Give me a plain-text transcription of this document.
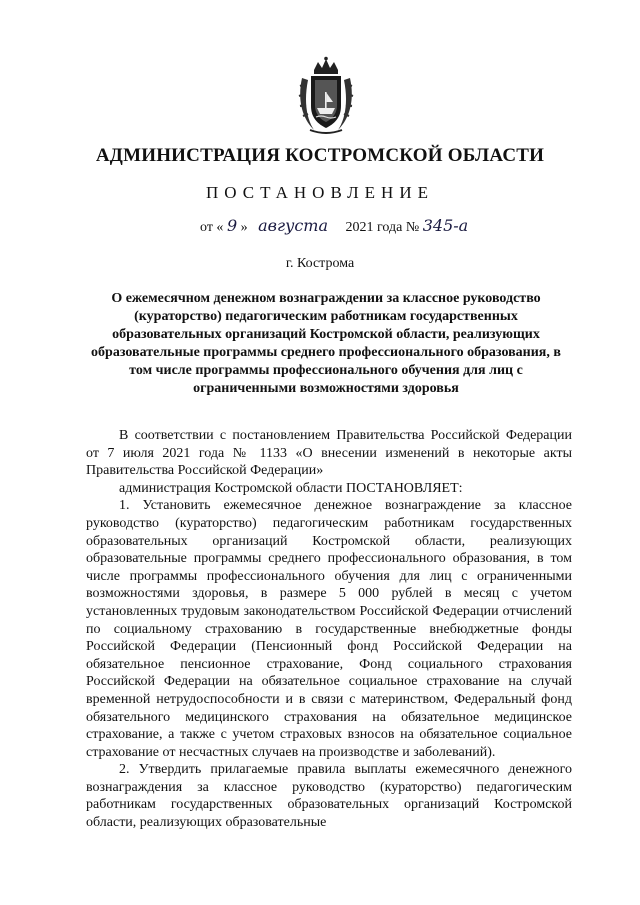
АДМИНИСТРАЦИЯ КОСТРОМСКОЙ ОБЛАСТИ
ПОСТАНОВЛЕНИЕ
от « 9 » августа 2021 года № 345-а
г. Кострома
О ежемесячном денежном вознаграждении за классное руководство (кураторство) педагогическим работникам государственных образовательных организаций Костромской области, реализующих образовательные программы среднего профессионального образования, в том числе программы профессионального обучения для лиц с ограниченными возможностями здоровья

В соответствии с постановлением Правительства Российской Федерации от 7 июля 2021 года № 1133 «О внесении изменений в некоторые акты Правительства Российской Федерации»

администрация Костромской области ПОСТАНОВЛЯЕТ:

1. Установить ежемесячное денежное вознаграждение за классное руководство (кураторство) педагогическим работникам государственных образовательных организаций Костромской области, реализующих образовательные программы среднего профессионального образования, в том числе программы профессионального обучения для лиц с ограниченными возможностями здоровья, в размере 5 000 рублей в месяц с учетом установленных трудовым законодательством Российской Федерации отчислений по социальному страхованию в государственные внебюджетные фонды Российской Федерации (Пенсионный фонд Российской Федерации на обязательное пенсионное страхование, Фонд социального страхования Российской Федерации на обязательное социальное страхование на случай временной нетрудоспособности и в связи с материнством, Федеральный фонд обязательного медицинского страхования на обязательное медицинское страхование, а также с учетом страховых взносов на обязательное социальное страхование от несчастных случаев на производстве и заболеваний).

2. Утвердить прилагаемые правила выплаты ежемесячного денежного вознаграждения за классное руководство (кураторство) педагогическим работникам государственных образовательных организаций Костромской области, реализующих образовательные
